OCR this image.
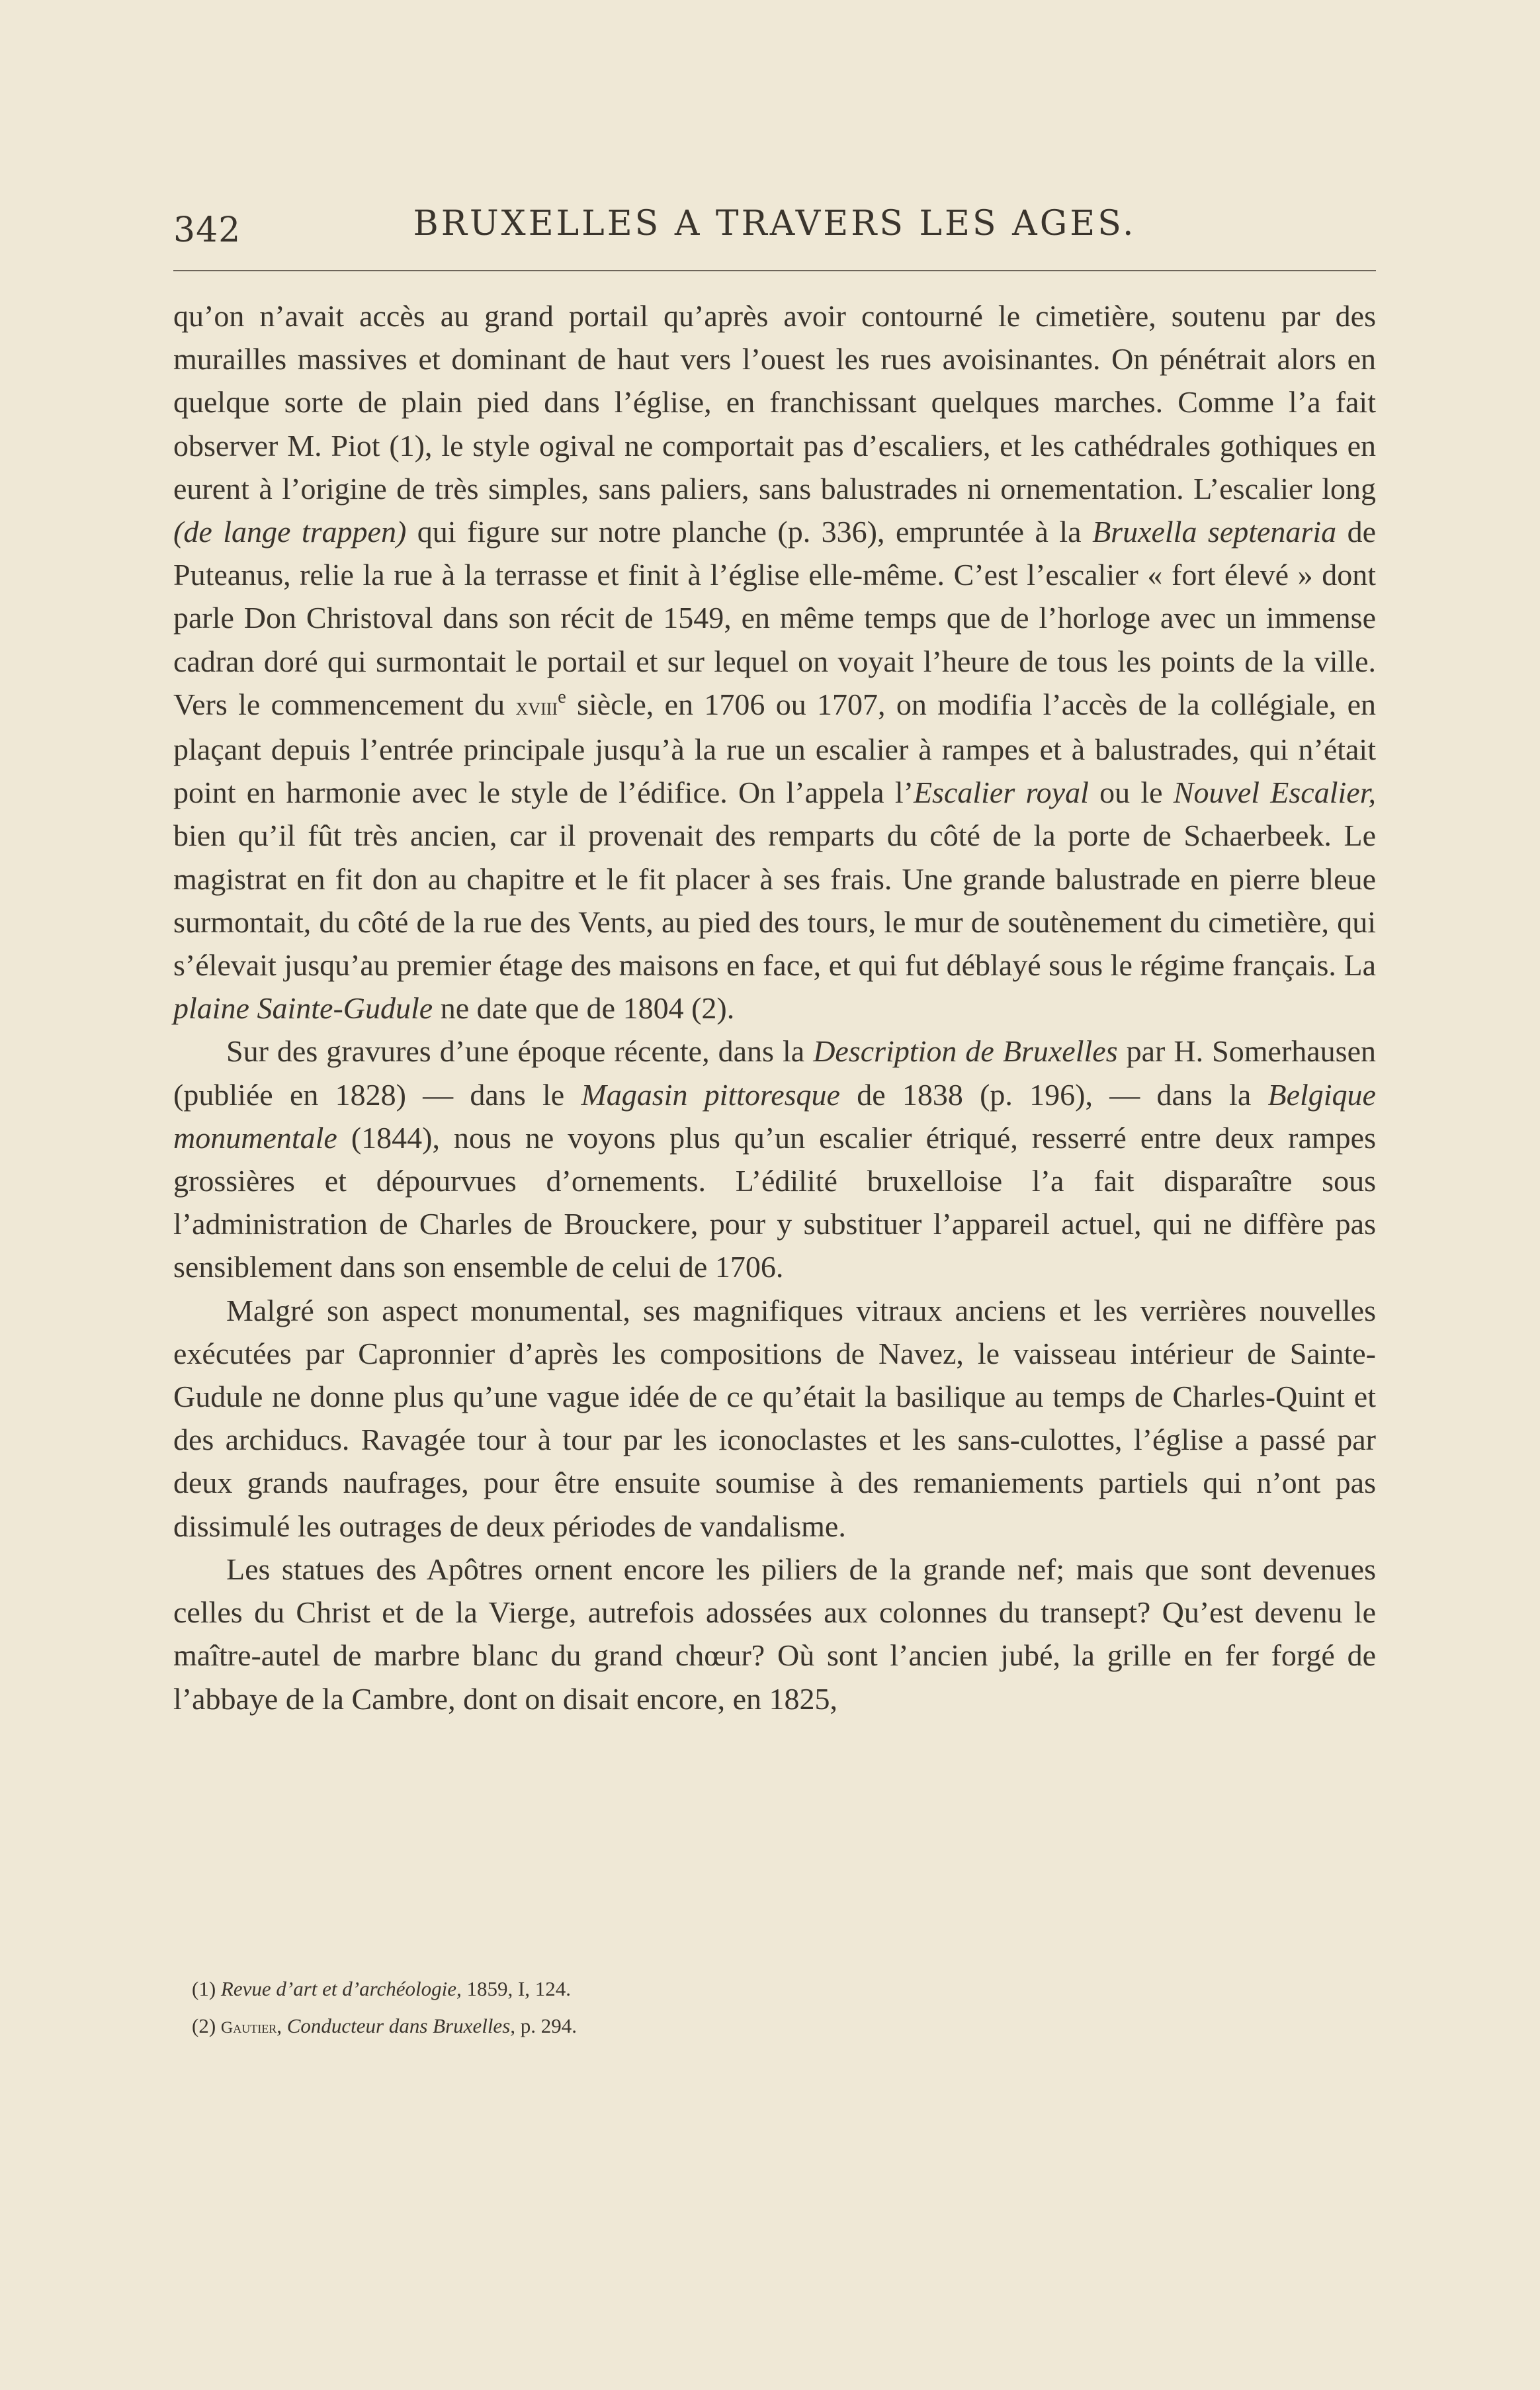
342	BRUXELLES A TRAVERS LES AGES.

qu’on n’avait accès au grand portail qu’après avoir contourné le cimetière, soutenu par des murailles massives et dominant de haut vers l’ouest les rues avoisinantes. On pénétrait alors en quelque sorte de plain pied dans l’église, en franchissant quelques marches. Comme l’a fait observer M. Piot (1), le style ogival ne comportait pas d’escaliers, et les cathédrales gothiques en eurent à l’origine de très simples, sans paliers, sans balustrades ni ornementation. L’escalier long (de lange trappen) qui figure sur notre planche (p. 336), empruntée à la Bruxella septenaria de Puteanus, relie la rue à la terrasse et finit à l’église elle-même. C’est l’escalier « fort élevé » dont parle Don Christoval dans son récit de 1549, en même temps que de l’horloge avec un immense cadran doré qui surmontait le portail et sur lequel on voyait l’heure de tous les points de la ville. Vers le commencement du xviii$^e$ siècle, en 1706 ou 1707, on modifia l’accès de la collégiale, en plaçant depuis l’entrée principale jusqu’à la rue un escalier à rampes et à balustrades, qui n’était point en harmonie avec le style de l’édifice. On l’appela l’Escalier royal ou le Nouvel Escalier, bien qu’il fût très ancien, car il provenait des remparts du côté de la porte de Schaerbeek. Le magistrat en fit don au chapitre et le fit placer à ses frais. Une grande balustrade en pierre bleue surmontait, du côté de la rue des Vents, au pied des tours, le mur de soutènement du cimetière, qui s’élevait jusqu’au premier étage des maisons en face, et qui fut déblayé sous le régime français. La plaine Sainte-Gudule ne date que de 1804 (2).

Sur des gravures d’une époque récente, dans la Description de Bruxelles par H. Somerhausen (publiée en 1828) — dans le Magasin pittoresque de 1838 (p. 196), — dans la Belgique monumentale (1844), nous ne voyons plus qu’un escalier étriqué, resserré entre deux rampes grossières et dépourvues d’ornements. L’édilité bruxelloise l’a fait disparaître sous l’administration de Charles de Brouckere, pour y substituer l’appareil actuel, qui ne diffère pas sensiblement dans son ensemble de celui de 1706.

Malgré son aspect monumental, ses magnifiques vitraux anciens et les verrières nouvelles exécutées par Capronnier d’après les compositions de Navez, le vaisseau intérieur de Sainte-Gudule ne donne plus qu’une vague idée de ce qu’était la basilique au temps de Charles-Quint et des archiducs. Ravagée tour à tour par les iconoclastes et les sans-culottes, l’église a passé par deux grands naufrages, pour être ensuite soumise à des remaniements partiels qui n’ont pas dissimulé les outrages de deux périodes de vandalisme.

Les statues des Apôtres ornent encore les piliers de la grande nef; mais que sont devenues celles du Christ et de la Vierge, autrefois adossées aux colonnes du transept? Qu’est devenu le maître-autel de marbre blanc du grand chœur? Où sont l’ancien jubé, la grille en fer forgé de l’abbaye de la Cambre, dont on disait encore, en 1825,

(1) Revue d’art et d’archéologie, 1859, I, 124.
(2) Gautier, Conducteur dans Bruxelles, p. 294.
